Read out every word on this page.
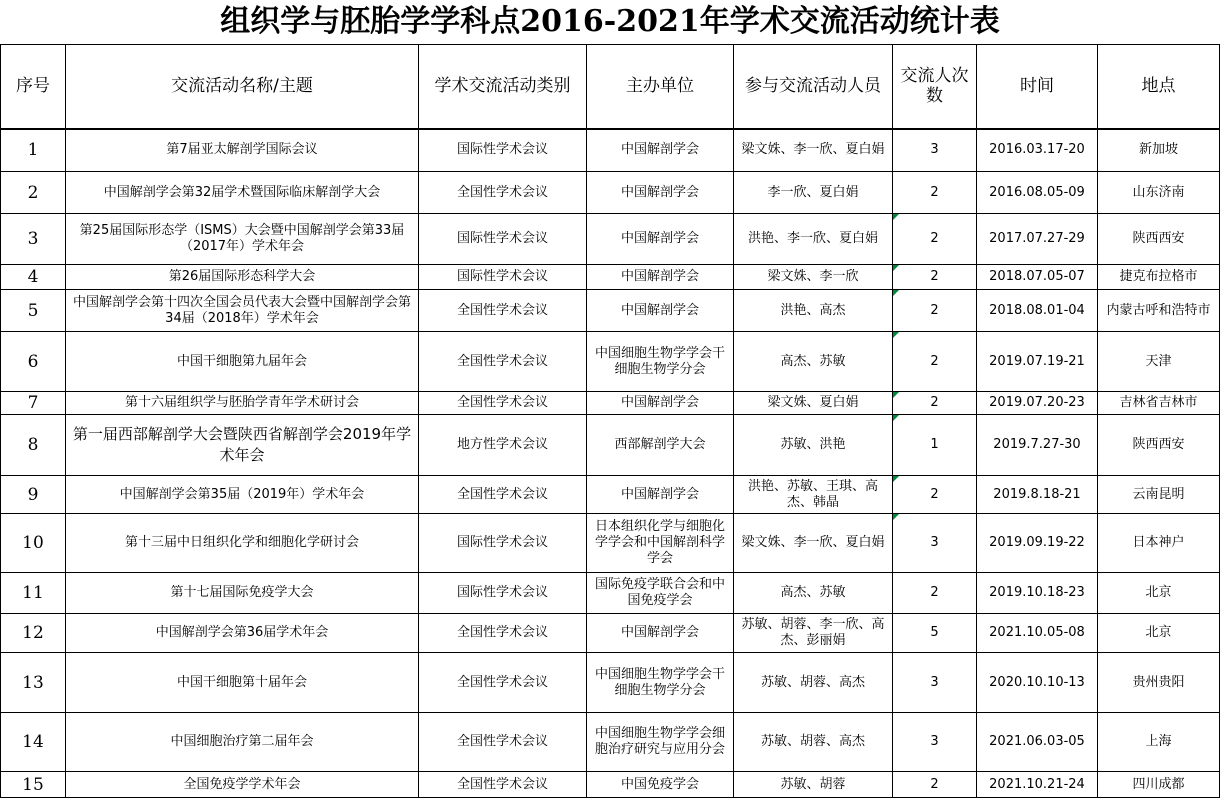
组织学与胚胎学学科点2016-2021年学术交流活动统计表
序号	交流活动名称/主题	学术交流活动类别	主办单位	参与交流活动人员	交流人次数	时间	地点
1	第7届亚太解剖学国际会议	国际性学术会议	中国解剖学会	梁文姝、李一欣、夏白娟	3	2016.03.17-20	新加坡
2	中国解剖学会第32届学术暨国际临床解剖学大会	全国性学术会议	中国解剖学会	李一欣、夏白娟	2	2016.08.05-09	山东济南
3	第25届国际形态学（ISMS）大会暨中国解剖学会第33届（2017年）学术年会	国际性学术会议	中国解剖学会	洪艳、李一欣、夏白娟	2	2017.07.27-29	陕西西安
4	第26届国际形态科学大会	国际性学术会议	中国解剖学会	梁文姝、李一欣	2	2018.07.05-07	捷克布拉格市
5	中国解剖学会第十四次全国会员代表大会暨中国解剖学会第34届（2018年）学术年会	全国性学术会议	中国解剖学会	洪艳、高杰	2	2018.08.01-04	内蒙古呼和浩特市
6	中国干细胞第九届年会	全国性学术会议	中国细胞生物学学会干细胞生物学分会	高杰、苏敏	2	2019.07.19-21	天津
7	第十六届组织学与胚胎学青年学术研讨会	全国性学术会议	中国解剖学会	梁文姝、夏白娟	2	2019.07.20-23	吉林省吉林市
8	第一届西部解剖学大会暨陕西省解剖学会2019年学术年会	地方性学术会议	西部解剖学大会	苏敏、洪艳	1	2019.7.27-30	陕西西安
9	中国解剖学会第35届（2019年）学术年会	全国性学术会议	中国解剖学会	洪艳、苏敏、王琪、高杰、韩晶	2	2019.8.18-21	云南昆明
10	第十三届中日组织化学和细胞化学研讨会	国际性学术会议	日本组织化学与细胞化学学会和中国解剖科学学会	梁文姝、李一欣、夏白娟	3	2019.09.19-22	日本神户
11	第十七届国际免疫学大会	国际性学术会议	国际免疫学联合会和中国免疫学会	高杰、苏敏	2	2019.10.18-23	北京
12	中国解剖学会第36届学术年会	全国性学术会议	中国解剖学会	苏敏、胡蓉、李一欣、高杰、彭丽娟	5	2021.10.05-08	北京
13	中国干细胞第十届年会	全国性学术会议	中国细胞生物学学会干细胞生物学分会	苏敏、胡蓉、高杰	3	2020.10.10-13	贵州贵阳
14	中国细胞治疗第二届年会	全国性学术会议	中国细胞生物学学会细胞治疗研究与应用分会	苏敏、胡蓉、高杰	3	2021.06.03-05	上海
15	全国免疫学学术年会	全国性学术会议	中国免疫学会	苏敏、胡蓉	2	2021.10.21-24	四川成都
